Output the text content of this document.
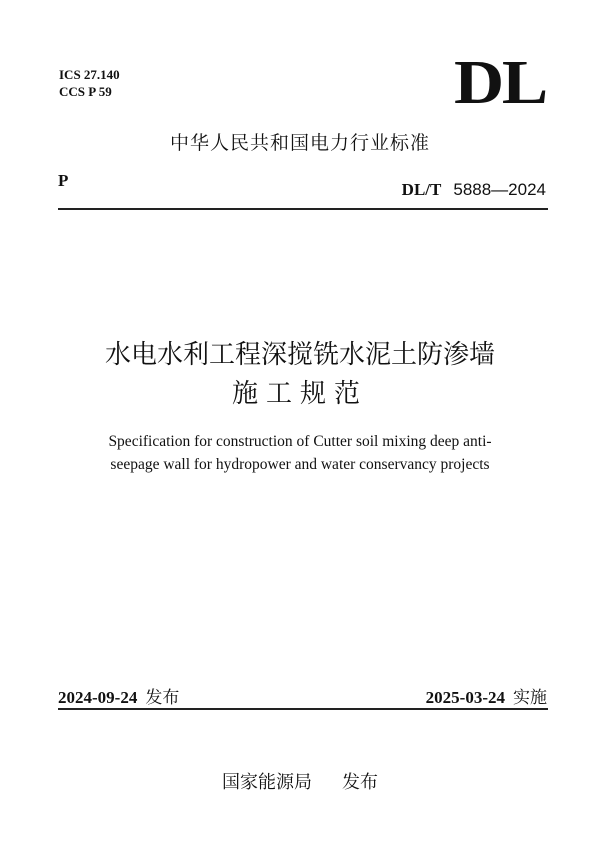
ICS 27.140
CCS P 59	DL
中华人民共和国电力行业标准
P	DL/T 5888—2024
水电水利工程深搅铣水泥土防渗墙
施工规范
Specification for construction of Cutter soil mixing deep anti-
seepage wall for hydropower and water conservancy projects
2024-09-24 发布	2025-03-24 实施
国家能源局 发布
